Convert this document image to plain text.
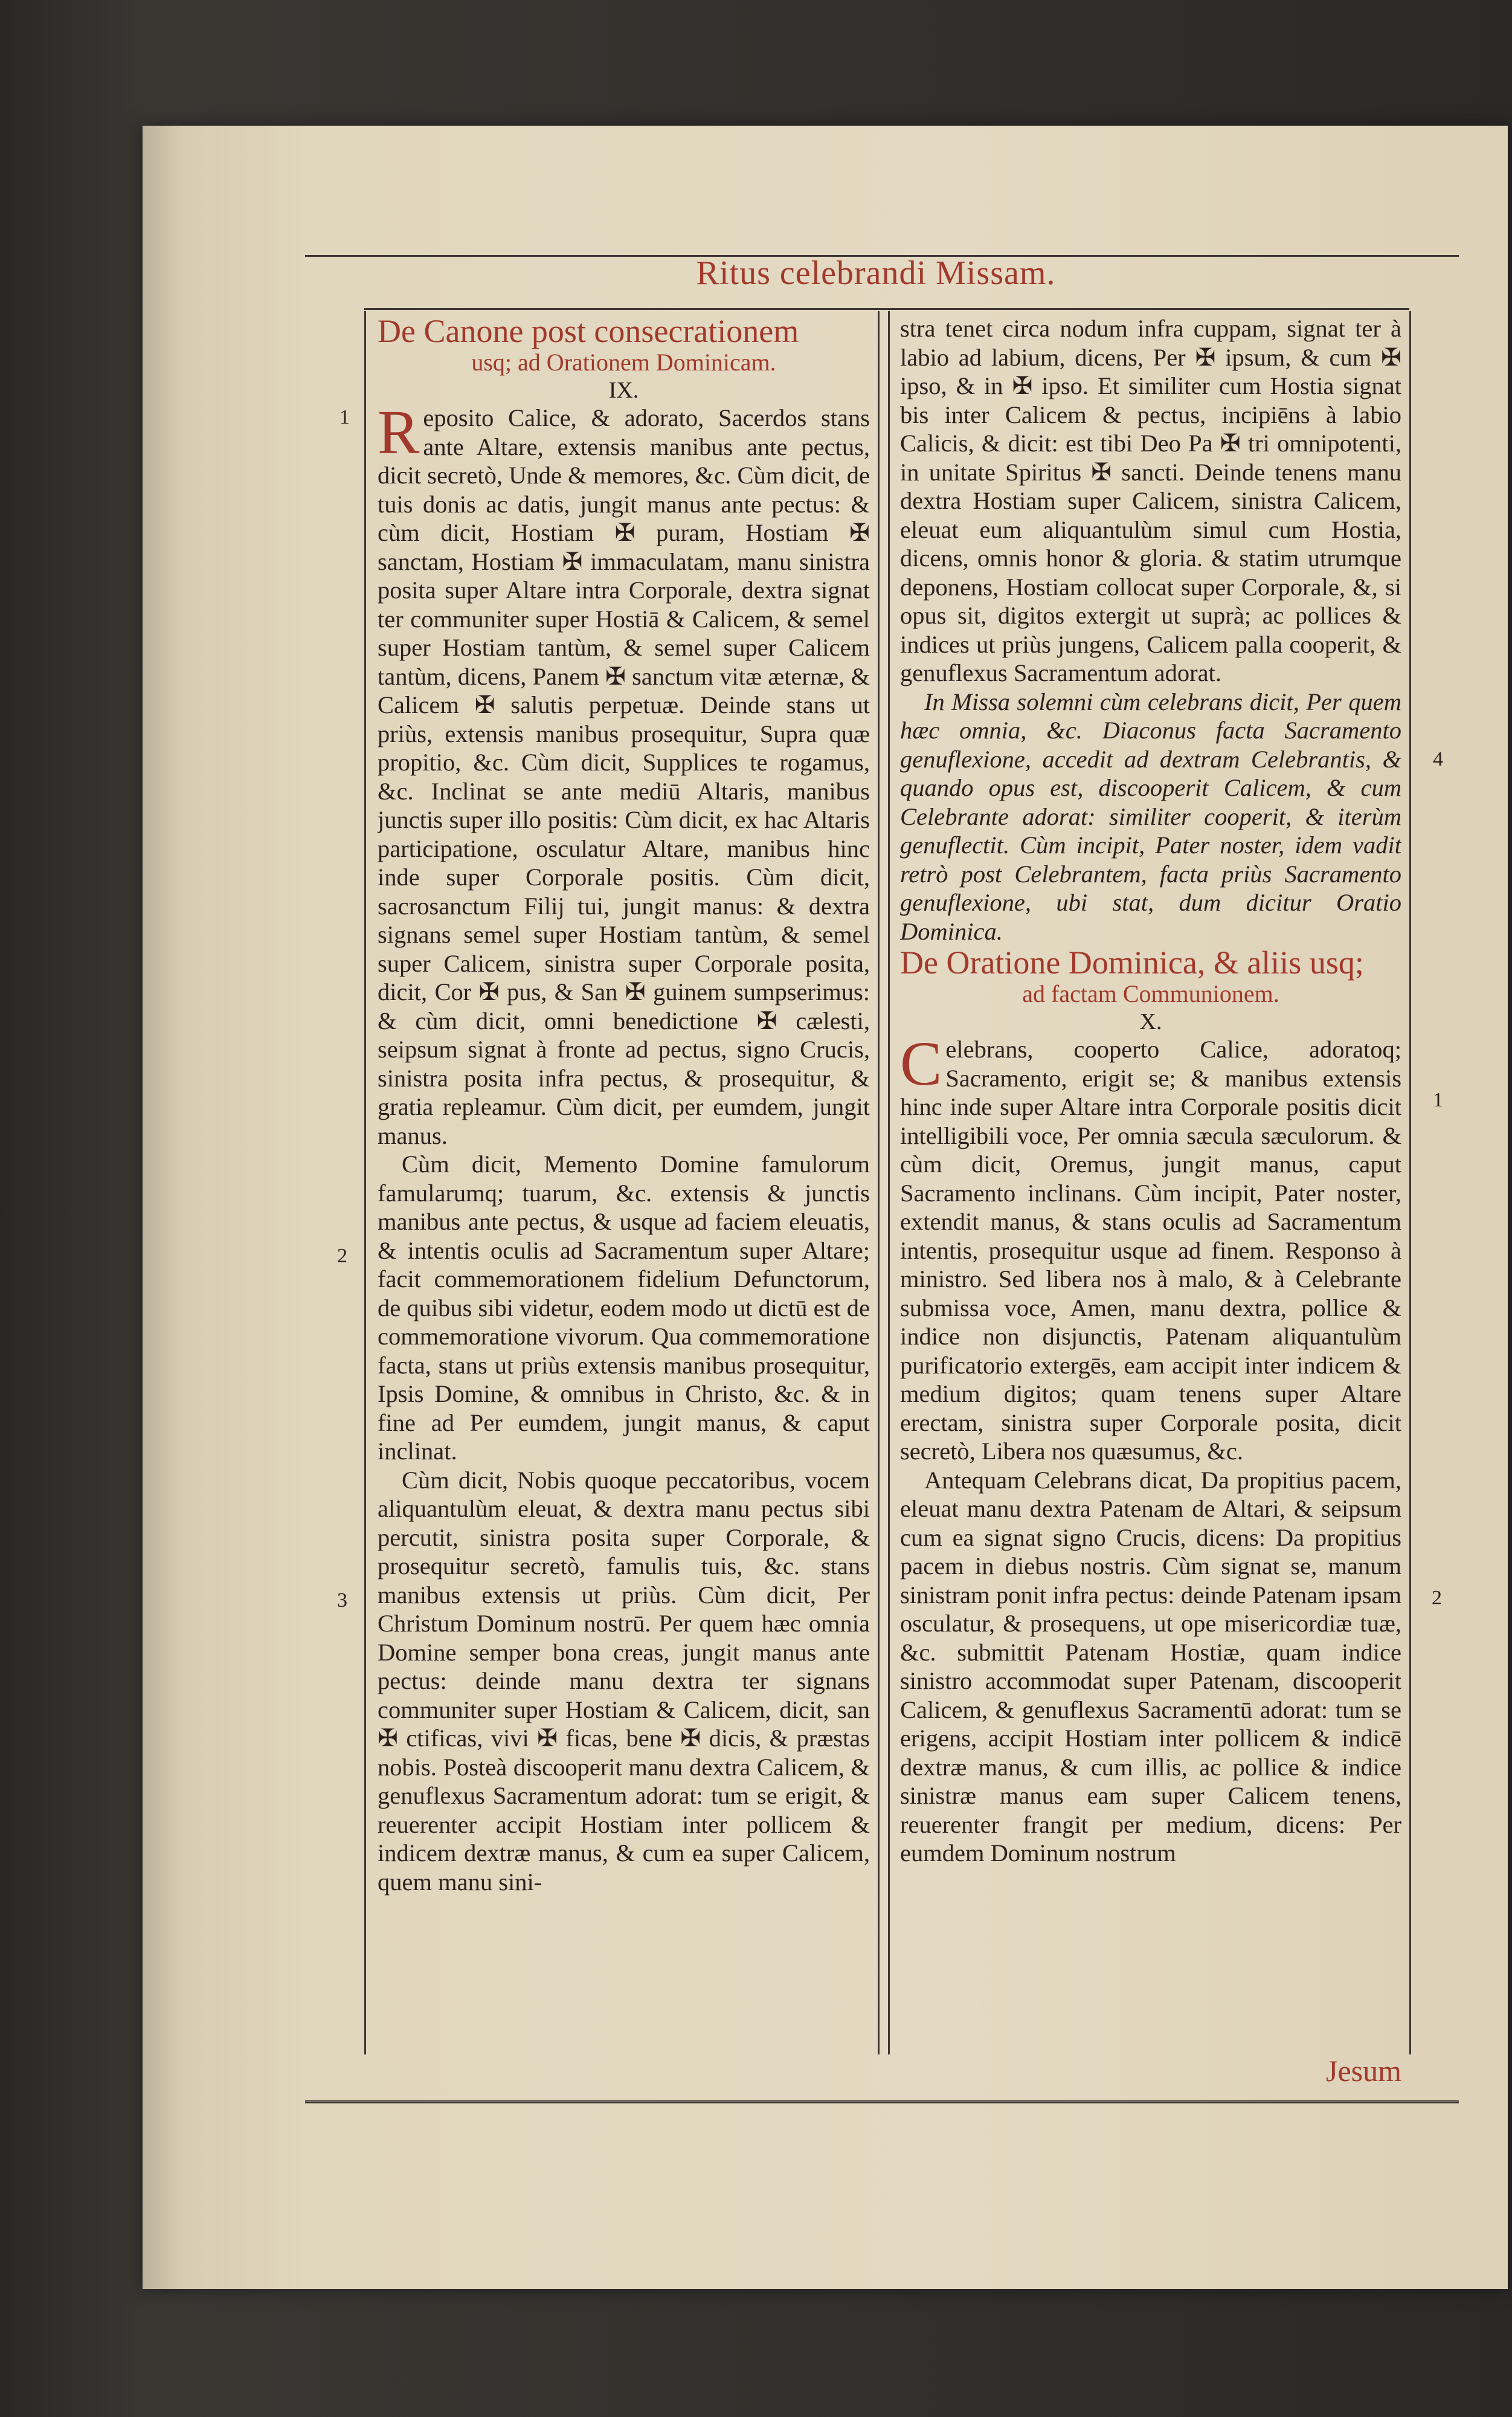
Ritus celebrandi Missam.
1
2
3
4
1
2

De Canone post consecrationem

usq; ad Orationem Dominicam.

IX.

Reposito Calice, & adorato, Sacerdos stans ante Altare, extensis manibus ante pectus, dicit secretò, Unde & memores, &c. Cùm dicit, de tuis donis ac datis, jungit manus ante pectus: & cùm dicit, Hostiam ✠ puram, Hostiam ✠ sanctam, Hostiam ✠ immaculatam, manu sinistra posita super Altare intra Corporale, dextra signat ter communiter super Hostiā & Calicem, & semel super Hostiam tantùm, & semel super Calicem tantùm, dicens, Panem ✠ sanctum vitæ æternæ, & Calicem ✠ salutis perpetuæ. Deinde stans ut priùs, extensis manibus prosequitur, Supra quæ propitio, &c. Cùm dicit, Supplices te rogamus, &c. Inclinat se ante mediū Altaris, manibus junctis super illo positis: Cùm dicit, ex hac Altaris participatione, osculatur Altare, manibus hinc inde super Corporale positis. Cùm dicit, sacrosanctum Filij tui, jungit manus: & dextra signans semel super Hostiam tantùm, & semel super Calicem, sinistra super Corporale posita, dicit, Cor ✠ pus, & San ✠ guinem sumpserimus: & cùm dicit, omni benedictione ✠ cælesti, seipsum signat à fronte ad pectus, signo Crucis, sinistra posita infra pectus, & prosequitur, & gratia repleamur. Cùm dicit, per eumdem, jungit manus.

Cùm dicit, Memento Domine famulorum famularumq; tuarum, &c. extensis & junctis manibus ante pectus, & usque ad faciem eleuatis, & intentis oculis ad Sacramentum super Altare; facit commemorationem fidelium Defunctorum, de quibus sibi videtur, eodem modo ut dictū est de commemoratione vivorum. Qua commemoratione facta, stans ut priùs extensis manibus prosequitur, Ipsis Domine, & omnibus in Christo, &c. & in fine ad Per eumdem, jungit manus, & caput inclinat.

Cùm dicit, Nobis quoque peccatoribus, vocem aliquantulùm eleuat, & dextra manu pectus sibi percutit, sinistra posita super Corporale, & prosequitur secretò, famulis tuis, &c. stans manibus extensis ut priùs. Cùm dicit, Per Christum Dominum nostrū. Per quem hæc omnia Domine semper bona creas, jungit manus ante pectus: deinde manu dextra ter signans communiter super Hostiam & Calicem, dicit, san ✠ ctificas, vivi ✠ ficas, bene ✠ dicis, & præstas nobis. Posteà discooperit manu dextra Calicem, & genuflexus Sacramentum adorat: tum se erigit, & reuerenter accipit Hostiam inter pollicem & indicem dextræ manus, & cum ea super Calicem, quem manu sini-

stra tenet circa nodum infra cuppam, signat ter à labio ad labium, dicens, Per ✠ ipsum, & cum ✠ ipso, & in ✠ ipso. Et similiter cum Hostia signat bis inter Calicem & pectus, incipiēns à labio Calicis, & dicit: est tibi Deo Pa ✠ tri omnipotenti, in unitate Spiritus ✠ sancti. Deinde tenens manu dextra Hostiam super Calicem, sinistra Calicem, eleuat eum aliquantulùm simul cum Hostia, dicens, omnis honor & gloria. & statim utrumque deponens, Hostiam collocat super Corporale, &, si opus sit, digitos extergit ut suprà; ac pollices & indices ut priùs jungens, Calicem palla cooperit, & genuflexus Sacramentum adorat.

In Missa solemni cùm celebrans dicit, Per quem hæc omnia, &c. Diaconus facta Sacramento genuflexione, accedit ad dextram Celebrantis, & quando opus est, discooperit Calicem, & cum Celebrante adorat: similiter cooperit, & iterùm genuflectit. Cùm incipit, Pater noster, idem vadit retrò post Celebrantem, facta priùs Sacramento genuflexione, ubi stat, dum dicitur Oratio Dominica.

De Oratione Dominica, & aliis usq;

ad factam Communionem.

X.

Celebrans, cooperto Calice, adoratoq; Sacramento, erigit se; & manibus extensis hinc inde super Altare intra Corporale positis dicit intelligibili voce, Per omnia sæcula sæculorum. & cùm dicit, Oremus, jungit manus, caput Sacramento inclinans. Cùm incipit, Pater noster, extendit manus, & stans oculis ad Sacramentum intentis, prosequitur usque ad finem. Responso à ministro. Sed libera nos à malo, & à Celebrante submissa voce, Amen, manu dextra, pollice & indice non disjunctis, Patenam aliquantulùm purificatorio extergēs, eam accipit inter indicem & medium digitos; quam tenens super Altare erectam, sinistra super Corporale posita, dicit secretò, Libera nos quæsumus, &c.

Antequam Celebrans dicat, Da propitius pacem, eleuat manu dextra Patenam de Altari, & seipsum cum ea signat signo Crucis, dicens: Da propitius pacem in diebus nostris. Cùm signat se, manum sinistram ponit infra pectus: deinde Patenam ipsam osculatur, & prosequens, ut ope misericordiæ tuæ, &c. submittit Patenam Hostiæ, quam indice sinistro accommodat super Patenam, discooperit Calicem, & genuflexus Sacramentū adorat: tum se erigens, accipit Hostiam inter pollicem & indicē dextræ manus, & cum illis, ac pollice & indice sinistræ manus eam super Calicem tenens, reuerenter frangit per medium, dicens: Per eumdem Dominum nostrum

Jesum
